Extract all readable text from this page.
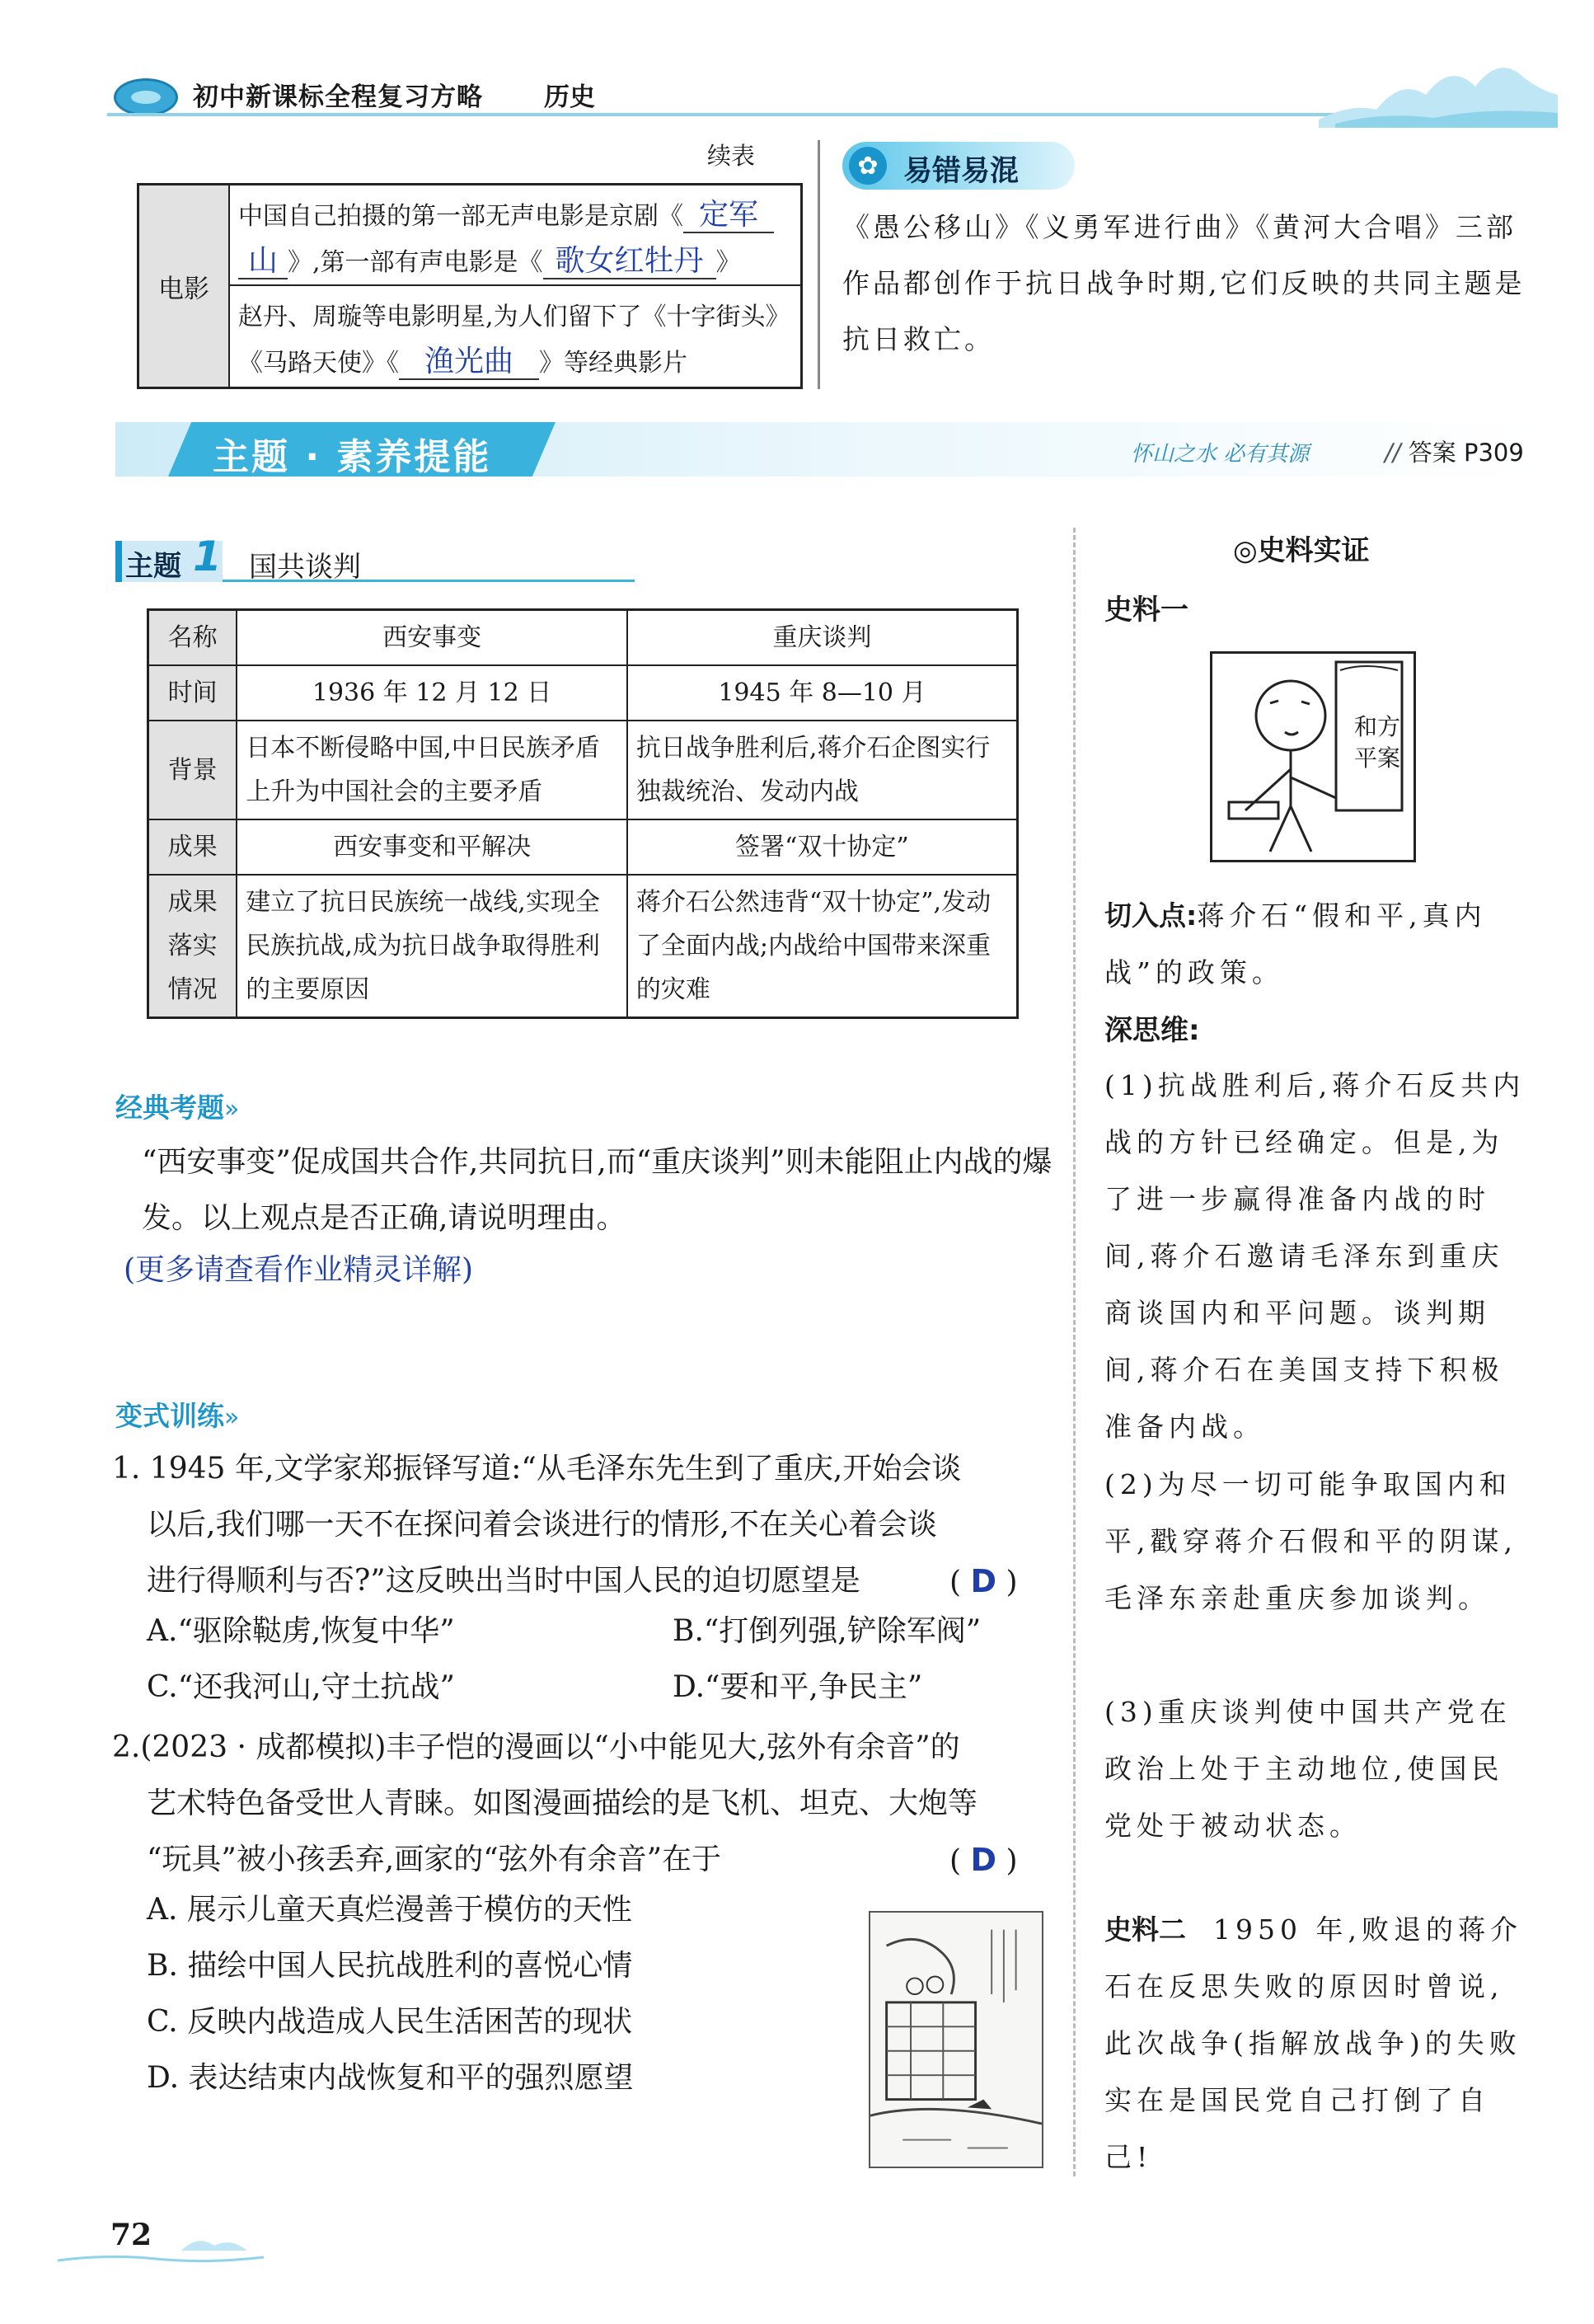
初中新课标全程复习方略 历史
续表
电影
中国自己拍摄的第一部无声电影是京剧《 定军
山 》,第一部有声电影是《 歌女红牡丹 》
赵丹、周璇等电影明星,为人们留下了《十字街头》《马路天使》《 渔光曲 》等经典影片
✿ 易错易混
《愚公移山》《义勇军进行曲》《黄河大合唱》三部作品都创作于抗日战争时期,它们反映的共同主题是抗日救亡。
主题 · 素养提能	怀山之水 必有其源	// 答案 P309
主题 1 国共谈判
名称	西安事变	重庆谈判
时间	1936 年 12 月 12 日	1945 年 8—10 月
背景	日本不断侵略中国,中日民族矛盾上升为中国社会的主要矛盾	抗日战争胜利后,蒋介石企图实行独裁统治、发动内战
成果	西安事变和平解决	签署“双十协定”
成果落实情况	建立了抗日民族统一战线,实现全民族抗战,成为抗日战争取得胜利的主要原因	蒋介石公然违背“双十协定”,发动了全面内战;内战给中国带来深重的灾难
经典考题»
“西安事变”促成国共合作,共同抗日,而“重庆谈判”则未能阻止内战的爆发。以上观点是否正确,请说明理由。
(更多请查看作业精灵详解)
变式训练»
1. 1945 年,文学家郑振铎写道:“从毛泽东先生到了重庆,开始会谈
以后,我们哪一天不在探问着会谈进行的情形,不在关心着会谈
进行得顺利与否?”这反映出当时中国人民的迫切愿望是	( D )
A.“驱除鞑虏,恢复中华”	B.“打倒列强,铲除军阀”
C.“还我河山,守土抗战”	D.“要和平,争民主”
2.(2023 · 成都模拟)丰子恺的漫画以“小中能见大,弦外有余音”的
艺术特色备受世人青睐。如图漫画描绘的是飞机、坦克、大炮等
“玩具”被小孩丢弃,画家的“弦外有余音”在于	( D )
A. 展示儿童天真烂漫善于模仿的天性
B. 描绘中国人民抗战胜利的喜悦心情
C. 反映内战造成人民生活困苦的现状
D. 表达结束内战恢复和平的强烈愿望
◎史料实证
史料一
和方平案
切入点:蒋介石“假和平,真内战”的政策。
深思维:
(1)抗战胜利后,蒋介石反共内战的方针已经确定。但是,为了进一步赢得准备内战的时间,蒋介石邀请毛泽东到重庆商谈国内和平问题。谈判期间,蒋介石在美国支持下积极准备内战。
(2)为尽一切可能争取国内和平,戳穿蒋介石假和平的阴谋,毛泽东亲赴重庆参加谈判。
(3)重庆谈判使中国共产党在政治上处于主动地位,使国民党处于被动状态。
史料二 1950 年,败退的蒋介石在反思失败的原因时曾说,此次战争(指解放战争)的失败实在是国民党自己打倒了自己!
72
